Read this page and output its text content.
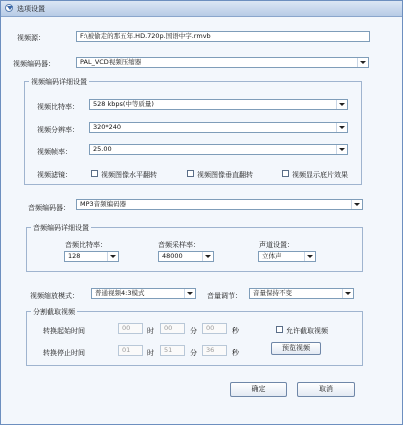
选项设置
视频源：	F:\被偷走的那五年.HD.720p.国语中字.rmvb
视频编码器：	PAL_VCD视频压缩器
视频编码详细设置
视频比特率：	528 kbps(中等质量)
视频分辨率：	320*240
视频帧率：	25.00
视频滤镜：	视频图像水平翻转	视频图像垂直翻转	视频显示底片效果
音频编码器：	MP3音频编码器
音频编码详细设置
音频比特率：
128
音频采样率：
48000
声道设置：
立体声
视频缩放模式：	普通视频4:3模式	音量调节：	音量保持不变
分割截取视频
转换起始时间	00	时	00	分	00	秒
转换停止时间	01	时	51	分	36	秒
允许截取视频
预览视频
确定	取消
